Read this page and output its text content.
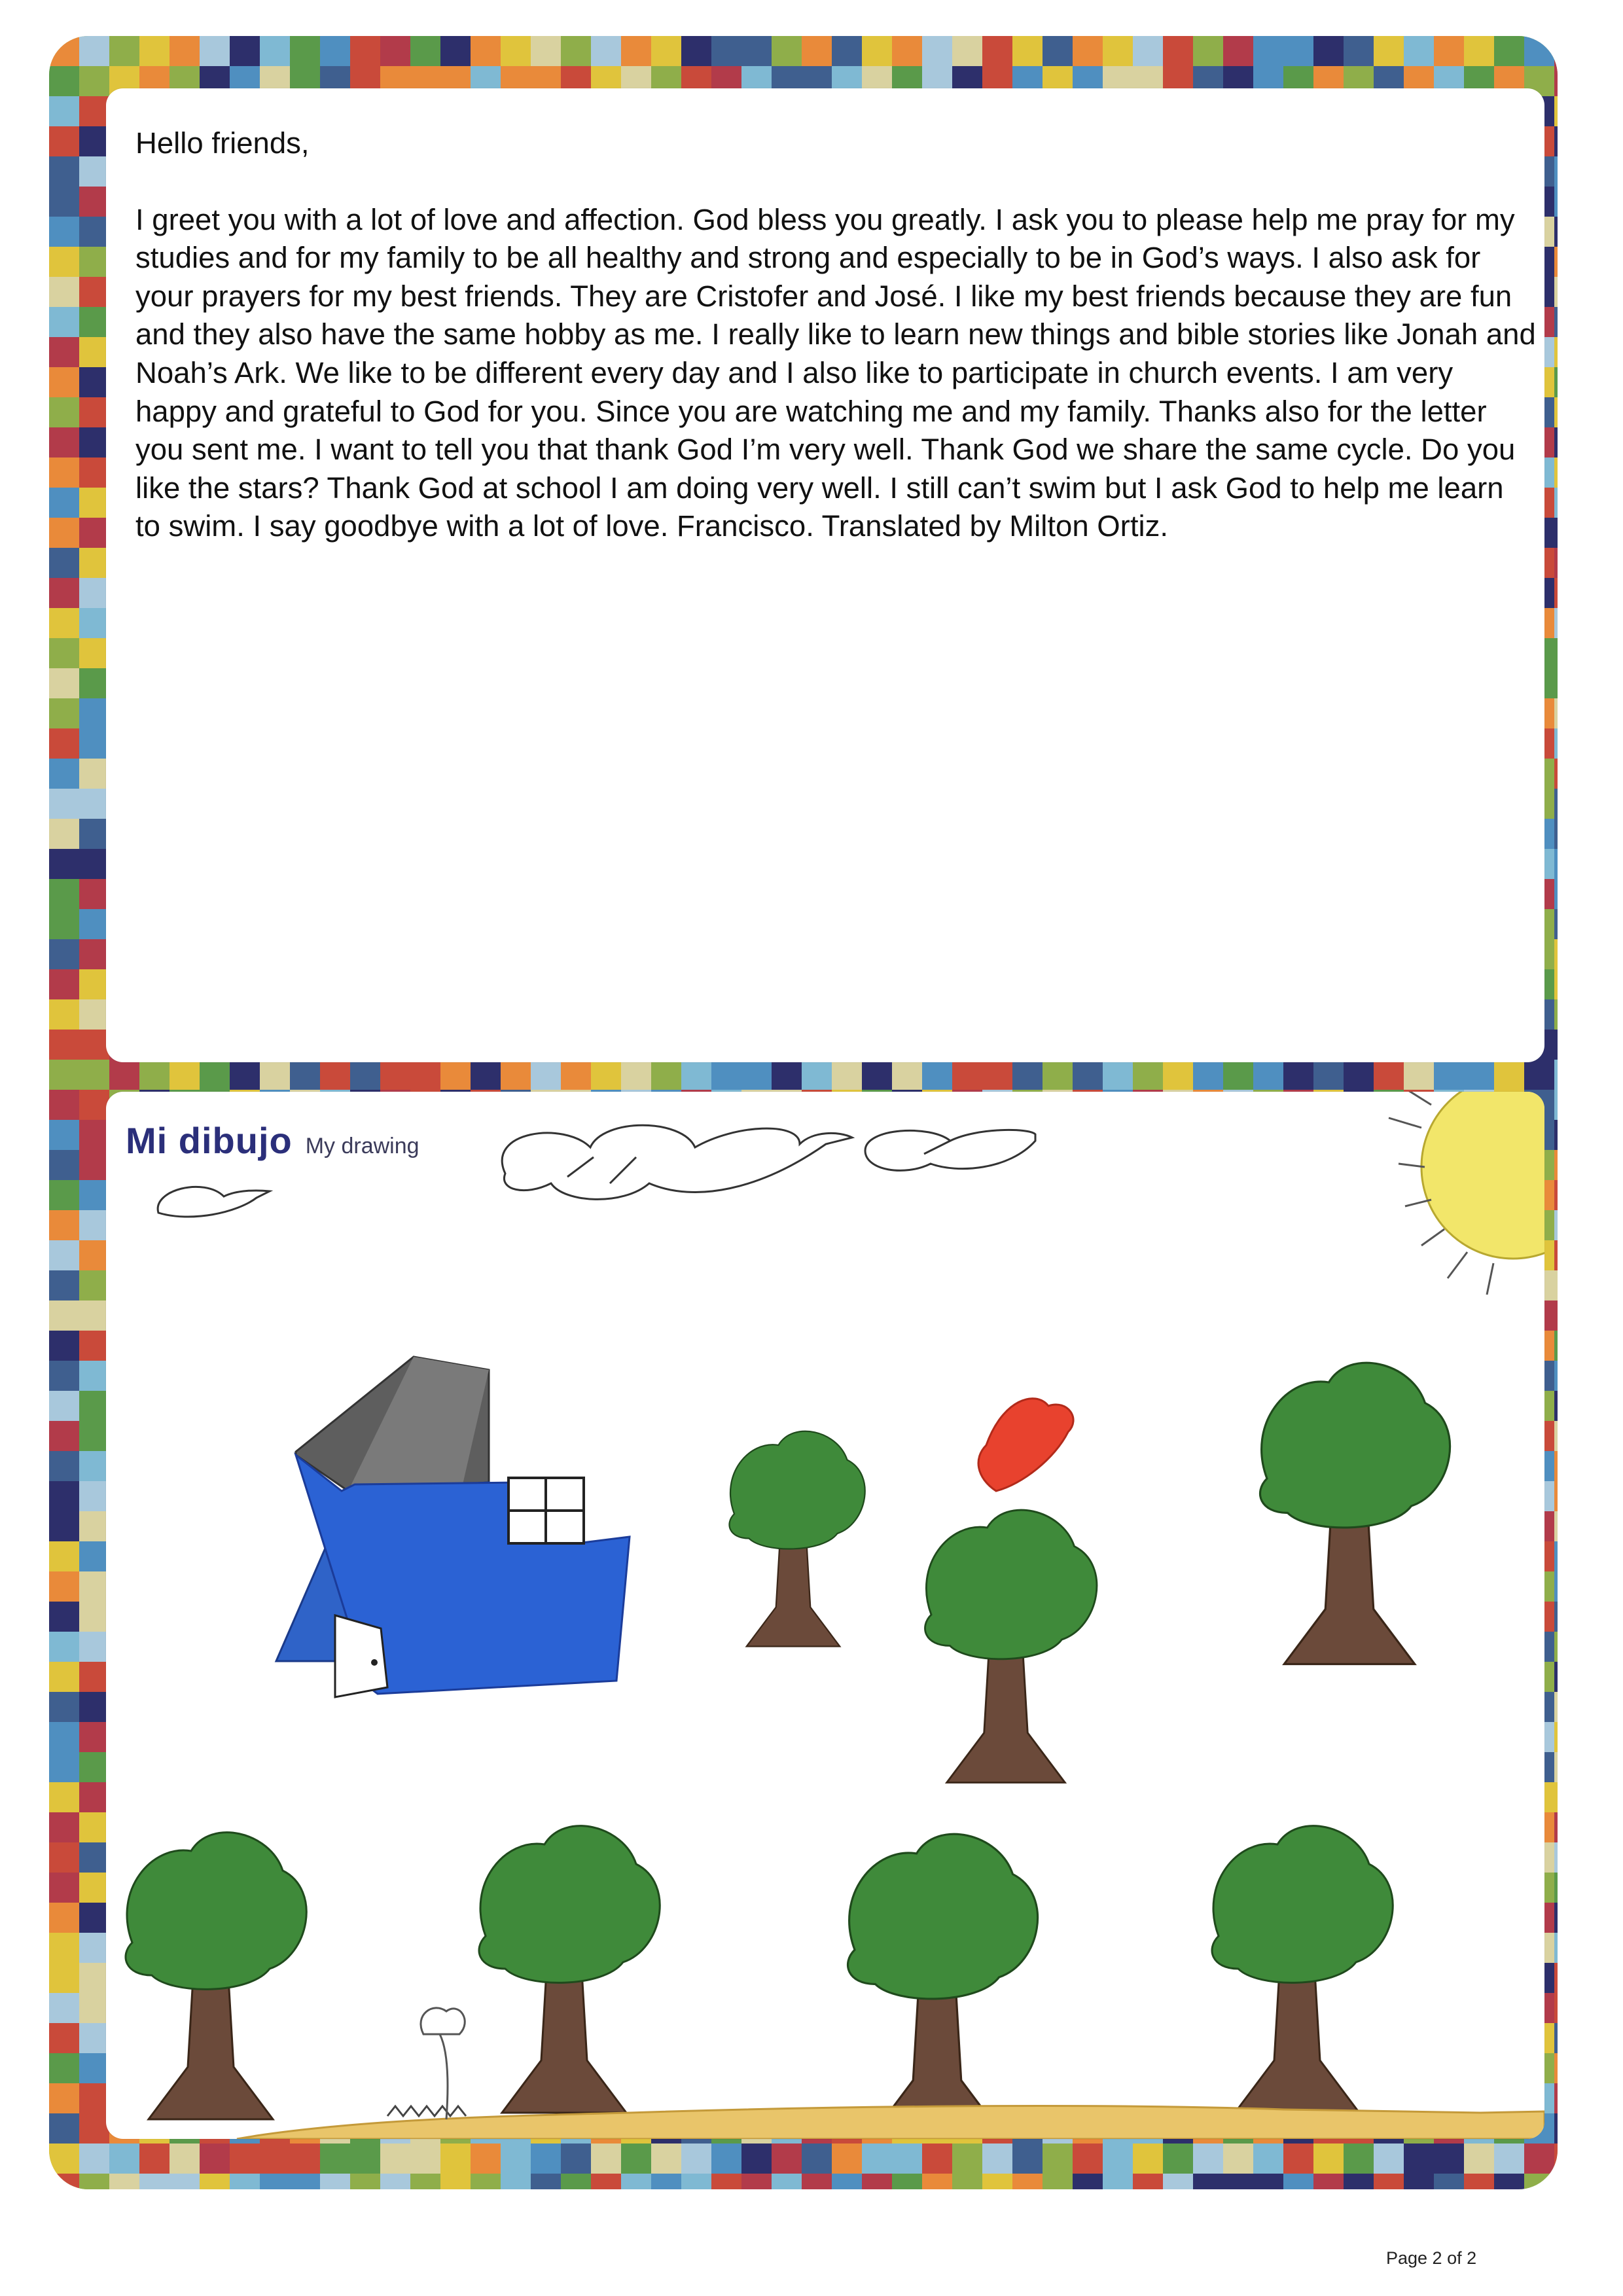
Hello friends,

I greet you with a lot of love and affection. God bless you greatly. I ask you to please help me pray for my studies and for my family to be all healthy and strong and especially to be in God’s ways. I also ask for your prayers for my best friends. They are Cristofer and José. I like my best friends because they are fun and they also have the same hobby as me. I really like to learn new things and bible stories like Jonah and Noah’s Ark. We like to be different every day and I also like to participate in church events. I am very happy and grateful to God for you. Since you are watching me and my family. Thanks also for the letter you sent me. I want to tell you that thank God I’m very well. Thank God we share the same cycle. Do you like the stars? Thank God at school I am doing very well. I still can’t swim but I ask God to help me learn to swim. I say goodbye with a lot of love. Francisco. Translated by Milton Ortiz.

Mi dibujo My drawing
Page 2 of 2
